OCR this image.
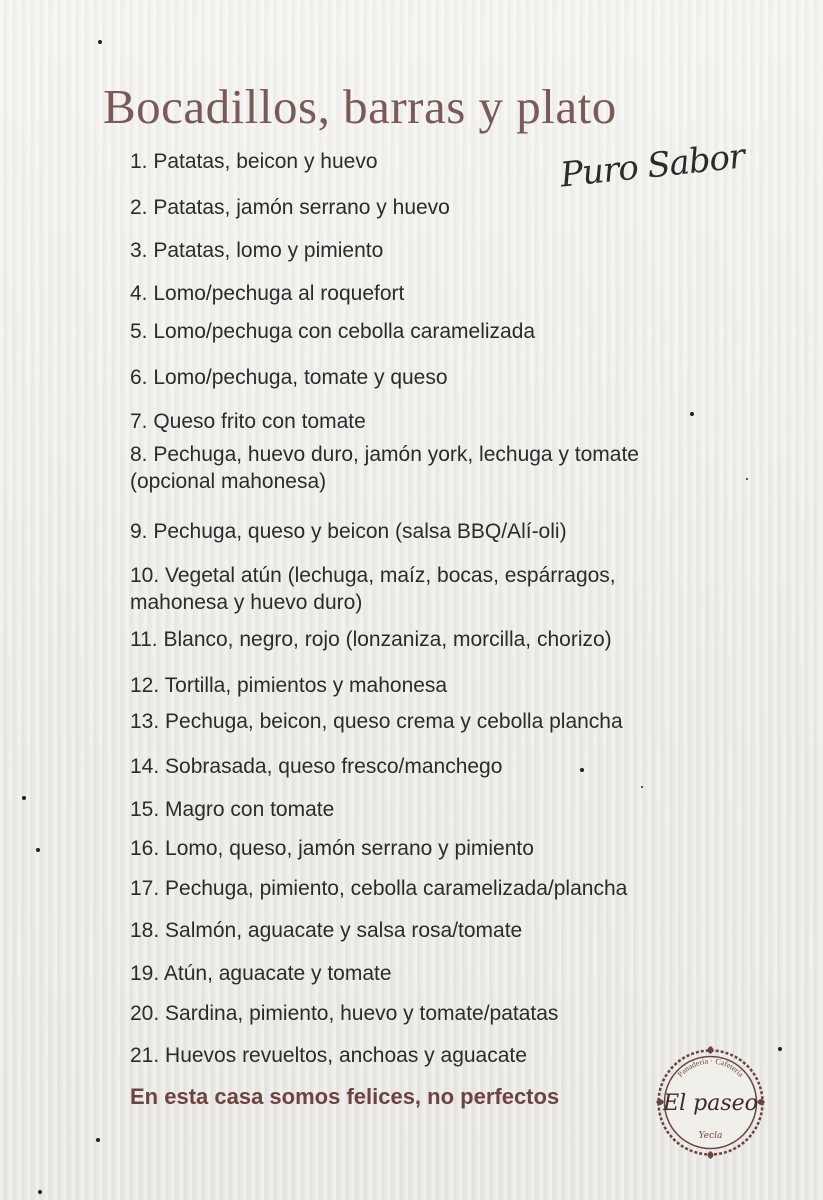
Bocadillos, barras y plato
Puro Sabor
1. Patatas, beicon y huevo
2. Patatas, jamón serrano y huevo
3. Patatas, lomo y pimiento
4. Lomo/pechuga al roquefort
5. Lomo/pechuga con cebolla caramelizada
6. Lomo/pechuga, tomate y queso
7. Queso frito con tomate
8. Pechuga, huevo duro, jamón york, lechuga y tomate (opcional mahonesa)
9. Pechuga, queso y beicon (salsa BBQ/Alí-oli)
10. Vegetal atún (lechuga, maíz, bocas, espárragos, mahonesa y huevo duro)
11. Blanco, negro, rojo (lonzaniza, morcilla, chorizo)
12. Tortilla, pimientos y mahonesa
13. Pechuga, beicon, queso crema y cebolla plancha
14. Sobrasada, queso fresco/manchego
15. Magro con tomate
16. Lomo, queso, jamón serrano y pimiento
17. Pechuga, pimiento, cebolla caramelizada/plancha
18. Salmón, aguacate y salsa rosa/tomate
19. Atún, aguacate y tomate
20. Sardina, pimiento, huevo y tomate/patatas
21. Huevos revueltos, anchoas y aguacate
En esta casa somos felices, no perfectos
Panadería · Cafetería
El paseo
Yecla
